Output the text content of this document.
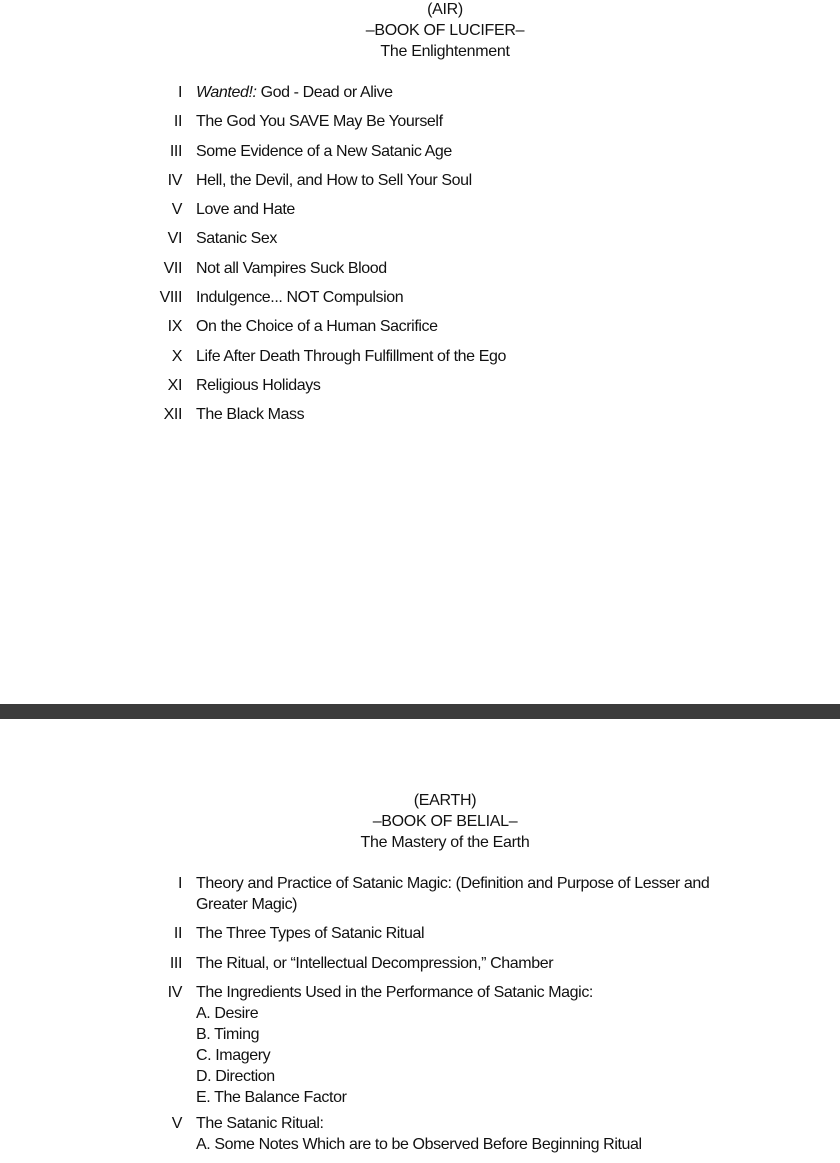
(AIR)
–BOOK OF LUCIFER–
The Enlightenment
I Wanted!: God - Dead or Alive
II The God You SAVE May Be Yourself
III Some Evidence of a New Satanic Age
IV Hell, the Devil, and How to Sell Your Soul
V Love and Hate
VI Satanic Sex
VII Not all Vampires Suck Blood
VIII Indulgence... NOT Compulsion
IX On the Choice of a Human Sacrifice
X Life After Death Through Fulfillment of the Ego
XI Religious Holidays
XII The Black Mass
(EARTH)
–BOOK OF BELIAL–
The Mastery of the Earth
I Theory and Practice of Satanic Magic: (Definition and Purpose of Lesser and Greater Magic)
II The Three Types of Satanic Ritual
III The Ritual, or “Intellectual Decompression,” Chamber
IV The Ingredients Used in the Performance of Satanic Magic:
A. Desire
B. Timing
C. Imagery
D. Direction
E. The Balance Factor
V The Satanic Ritual:
A. Some Notes Which are to be Observed Before Beginning Ritual
